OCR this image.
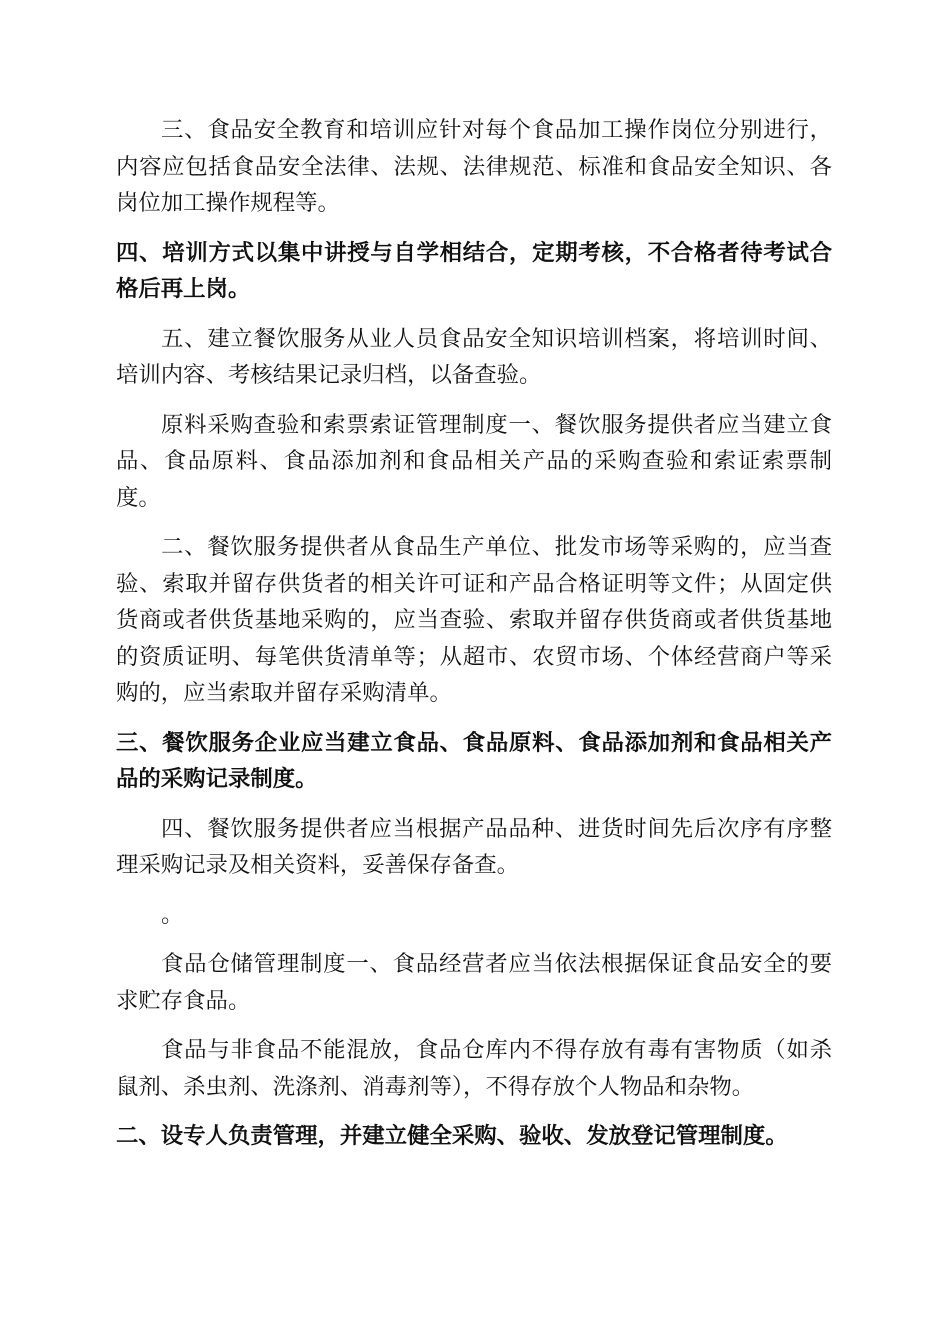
三、食品安全教育和培训应针对每个食品加工操作岗位分别进行，内容应包括食品安全法律、法规、法律规范、标准和食品安全知识、各岗位加工操作规程等。

四、培训方式以集中讲授与自学相结合，定期考核，不合格者待考试合格后再上岗。

五、建立餐饮服务从业人员食品安全知识培训档案，将培训时间、培训内容、考核结果记录归档，以备查验。

原料采购查验和索票索证管理制度一、餐饮服务提供者应当建立食品、食品原料、食品添加剂和食品相关产品的采购查验和索证索票制度。

二、餐饮服务提供者从食品生产单位、批发市场等采购的，应当查验、索取并留存供货者的相关许可证和产品合格证明等文件；从固定供货商或者供货基地采购的，应当查验、索取并留存供货商或者供货基地的资质证明、每笔供货清单等；从超市、农贸市场、个体经营商户等采购的，应当索取并留存采购清单。

三、餐饮服务企业应当建立食品、食品原料、食品添加剂和食品相关产品的采购记录制度。

四、餐饮服务提供者应当根据产品品种、进货时间先后次序有序整理采购记录及相关资料，妥善保存备查。

。

食品仓储管理制度一、食品经营者应当依法根据保证食品安全的要求贮存食品。

食品与非食品不能混放，食品仓库内不得存放有毒有害物质（如杀鼠剂、杀虫剂、洗涤剂、消毒剂等），不得存放个人物品和杂物。

二、设专人负责管理，并建立健全采购、验收、发放登记管理制度。
